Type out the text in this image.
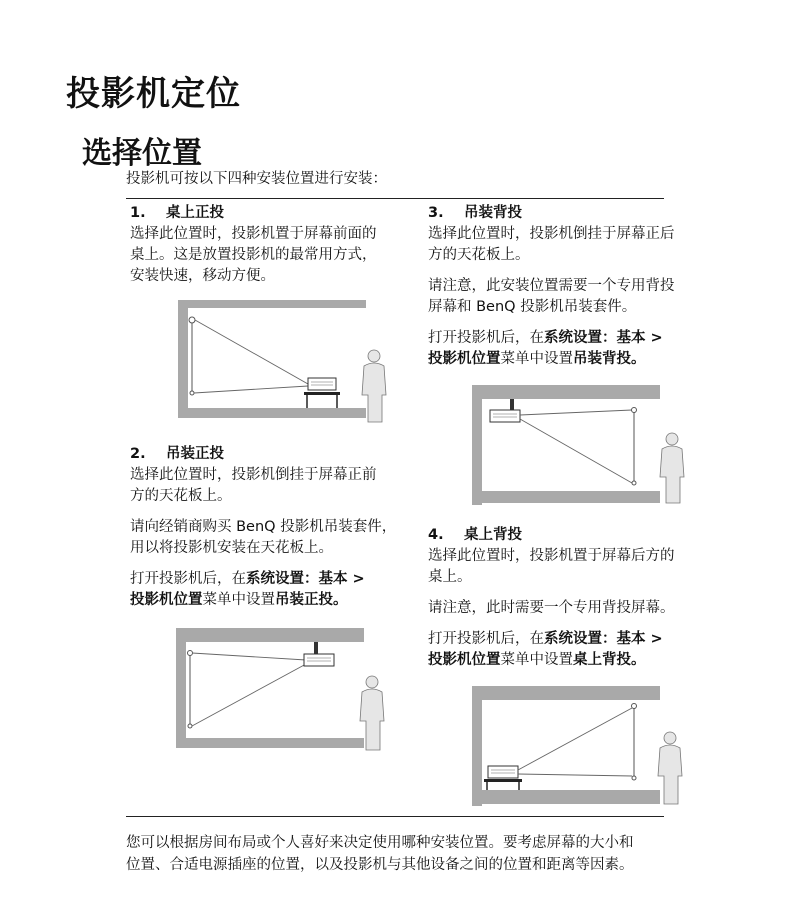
投影机定位
选择位置
投影机可按以下四种安装位置进行安装：
1. 桌上正投
选择此位置时，投影机置于屏幕前面的
桌上。这是放置投影机的最常用方式，
安装快速，移动方便。
2. 吊装正投
选择此位置时，投影机倒挂于屏幕正前
方的天花板上。
请向经销商购买 BenQ 投影机吊装套件，
用以将投影机安装在天花板上。
打开投影机后，在系统设置：基本 >
投影机位置菜单中设置吊装正投。
3. 吊装背投
选择此位置时，投影机倒挂于屏幕正后
方的天花板上。
请注意，此安装位置需要一个专用背投
屏幕和 BenQ 投影机吊装套件。
打开投影机后，在系统设置：基本 >
投影机位置菜单中设置吊装背投。
4. 桌上背投
选择此位置时，投影机置于屏幕后方的
桌上。
请注意，此时需要一个专用背投屏幕。
打开投影机后，在系统设置：基本 >
投影机位置菜单中设置桌上背投。
您可以根据房间布局或个人喜好来决定使用哪种安装位置。要考虑屏幕的大小和
位置、合适电源插座的位置，以及投影机与其他设备之间的位置和距离等因素。
